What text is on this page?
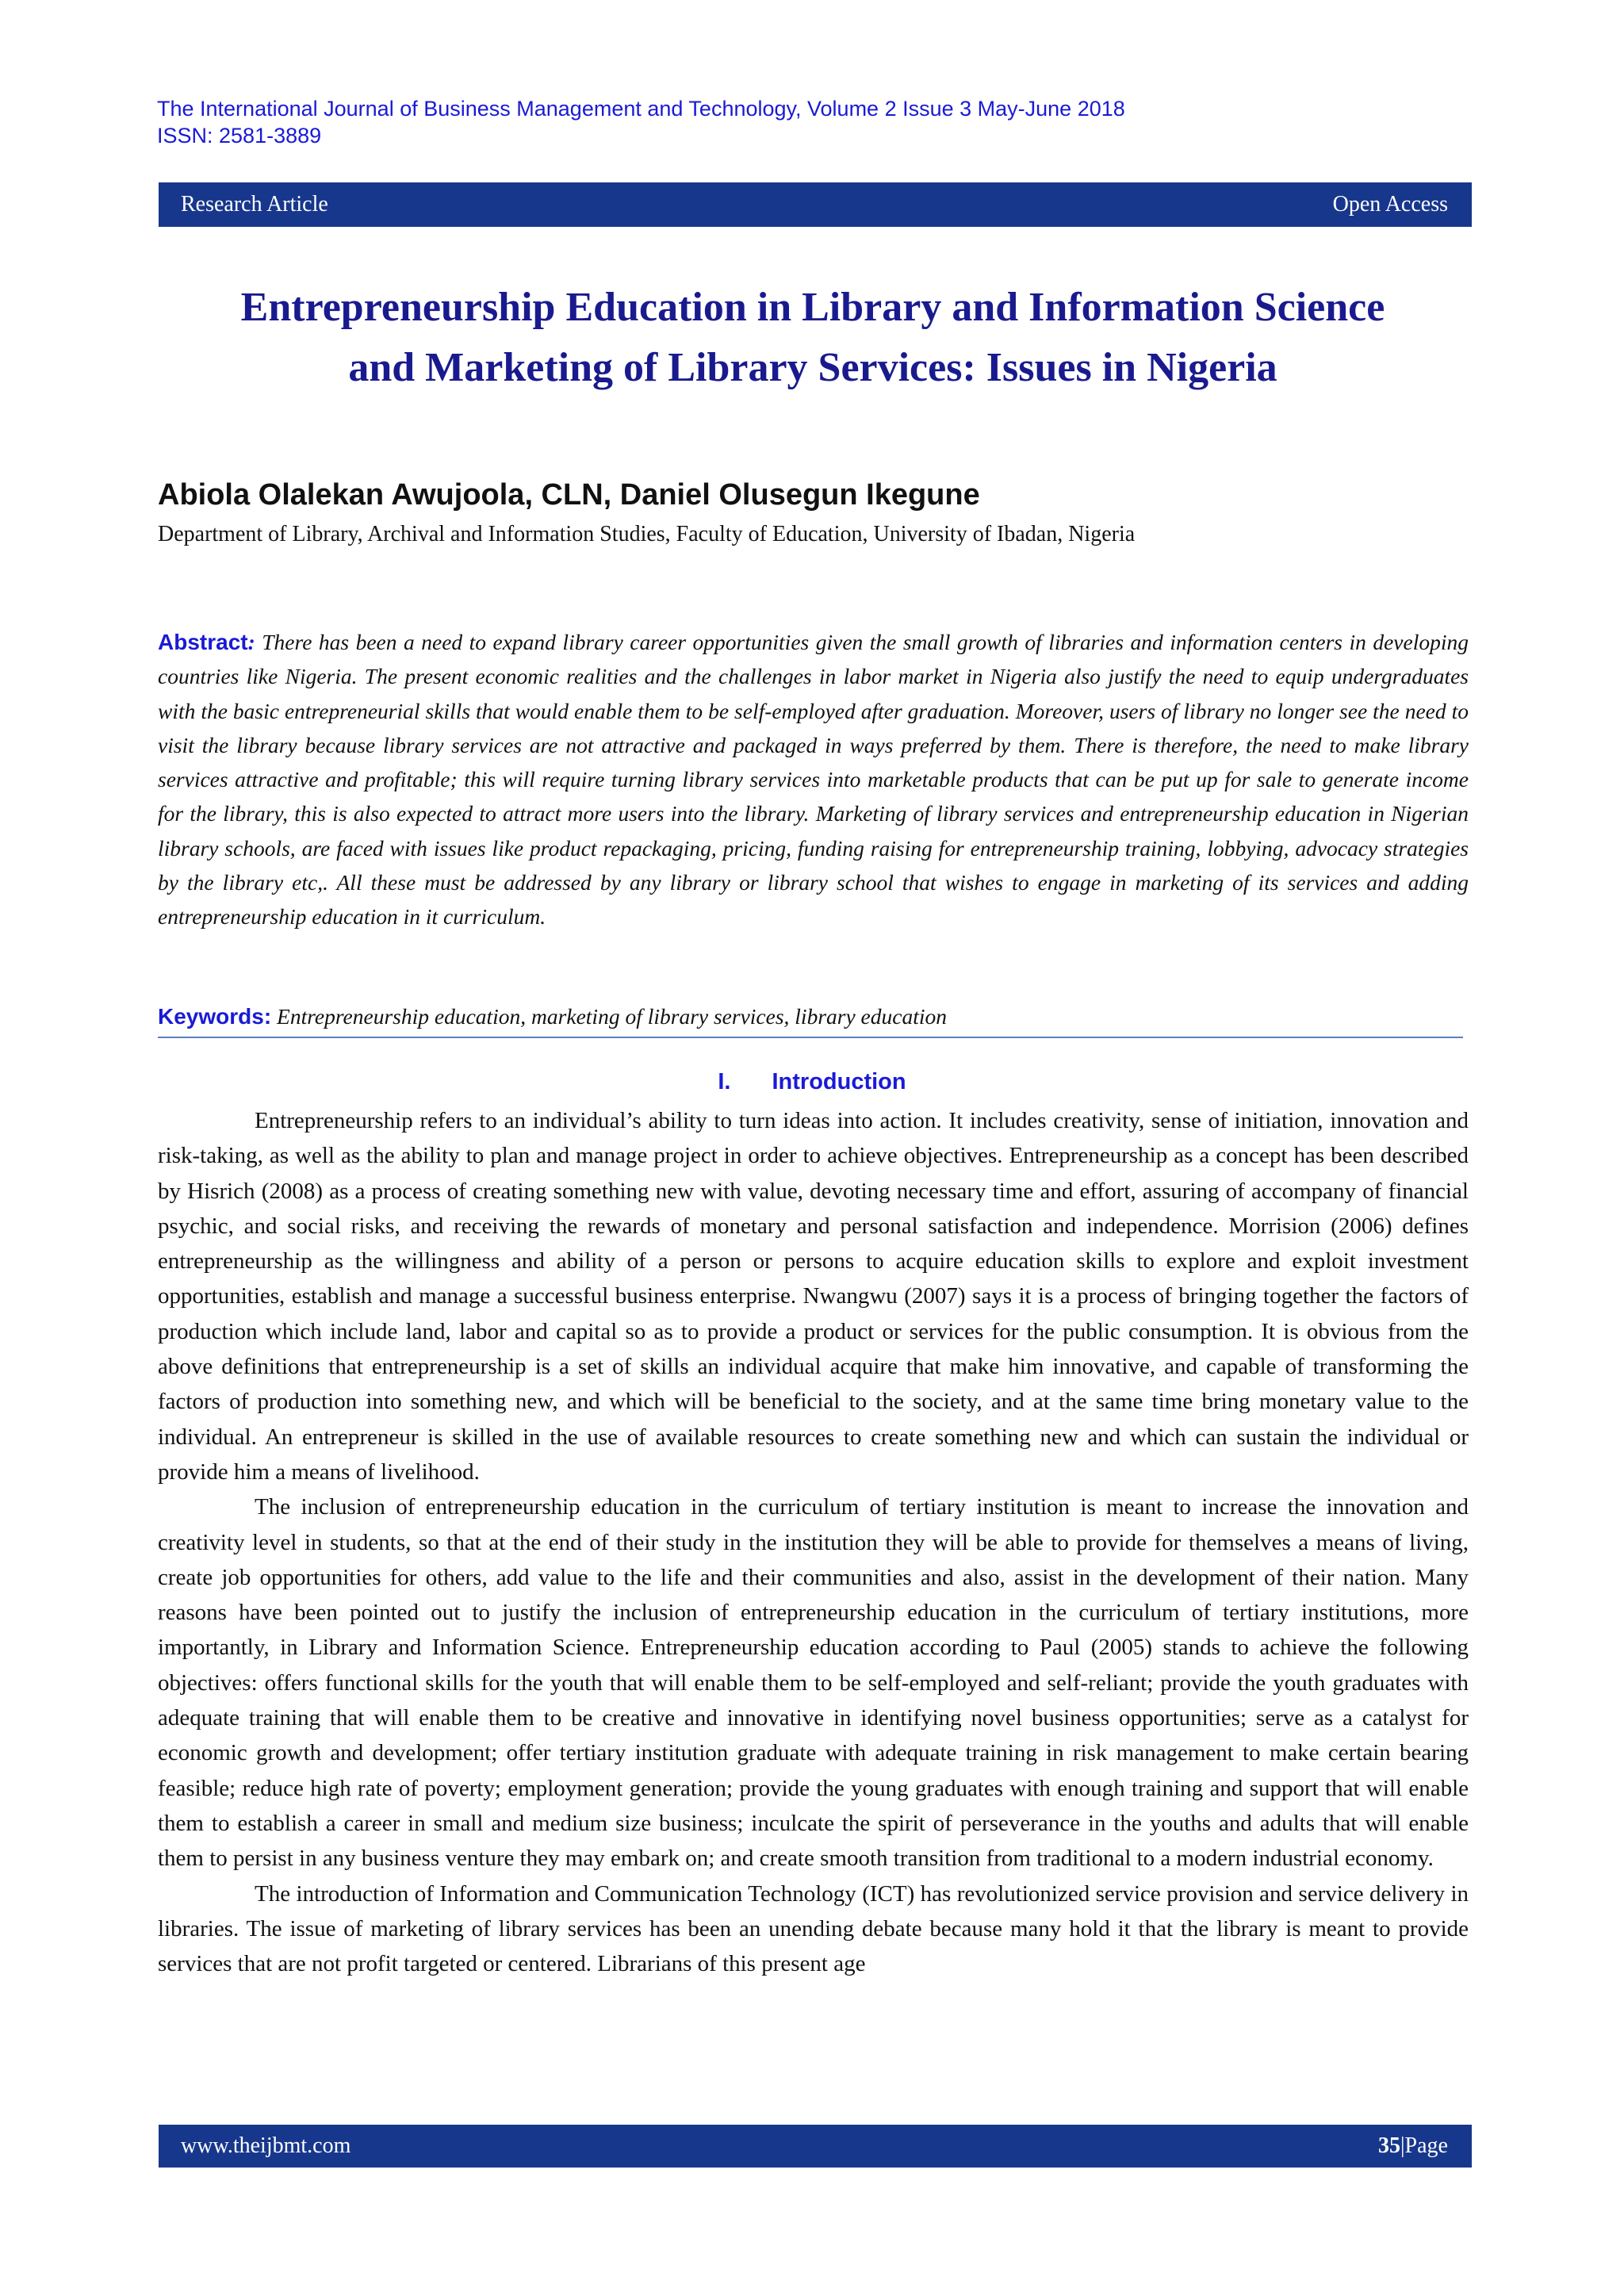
The International Journal of Business Management and Technology, Volume 2 Issue 3 May-June 2018
ISSN: 2581-3889
Research Article	Open Access
Entrepreneurship Education in Library and Information Science
and Marketing of Library Services: Issues in Nigeria
Abiola Olalekan Awujoola, CLN, Daniel Olusegun Ikegune
Department of Library, Archival and Information Studies, Faculty of Education, University of Ibadan, Nigeria
Abstract: There has been a need to expand library career opportunities given the small growth of libraries and information centers in developing countries like Nigeria. The present economic realities and the challenges in labor market in Nigeria also justify the need to equip undergraduates with the basic entrepreneurial skills that would enable them to be self-employed after graduation. Moreover, users of library no longer see the need to visit the library because library services are not attractive and packaged in ways preferred by them. There is therefore, the need to make library services attractive and profitable; this will require turning library services into marketable products that can be put up for sale to generate income for the library, this is also expected to attract more users into the library. Marketing of library services and entrepreneurship education in Nigerian library schools, are faced with issues like product repackaging, pricing, funding raising for entrepreneurship training, lobbying, advocacy strategies by the library etc,. All these must be addressed by any library or library school that wishes to engage in marketing of its services and adding entrepreneurship education in it curriculum.
Keywords: Entrepreneurship education, marketing of library services, library education
I. Introduction

Entrepreneurship refers to an individual’s ability to turn ideas into action. It includes creativity, sense of initiation, innovation and risk-taking, as well as the ability to plan and manage project in order to achieve objectives. Entrepreneurship as a concept has been described by Hisrich (2008) as a process of creating something new with value, devoting necessary time and effort, assuring of accompany of financial psychic, and social risks, and receiving the rewards of monetary and personal satisfaction and independence. Morrision (2006) defines entrepreneurship as the willingness and ability of a person or persons to acquire education skills to explore and exploit investment opportunities, establish and manage a successful business enterprise. Nwangwu (2007) says it is a process of bringing together the factors of production which include land, labor and capital so as to provide a product or services for the public consumption. It is obvious from the above definitions that entrepreneurship is a set of skills an individual acquire that make him innovative, and capable of transforming the factors of production into something new, and which will be beneficial to the society, and at the same time bring monetary value to the individual. An entrepreneur is skilled in the use of available resources to create something new and which can sustain the individual or provide him a means of livelihood.

The inclusion of entrepreneurship education in the curriculum of tertiary institution is meant to increase the innovation and creativity level in students, so that at the end of their study in the institution they will be able to provide for themselves a means of living, create job opportunities for others, add value to the life and their communities and also, assist in the development of their nation. Many reasons have been pointed out to justify the inclusion of entrepreneurship education in the curriculum of tertiary institutions, more importantly, in Library and Information Science. Entrepreneurship education according to Paul (2005) stands to achieve the following objectives: offers functional skills for the youth that will enable them to be self-employed and self-reliant; provide the youth graduates with adequate training that will enable them to be creative and innovative in identifying novel business opportunities; serve as a catalyst for economic growth and development; offer tertiary institution graduate with adequate training in risk management to make certain bearing feasible; reduce high rate of poverty; employment generation; provide the young graduates with enough training and support that will enable them to establish a career in small and medium size business; inculcate the spirit of perseverance in the youths and adults that will enable them to persist in any business venture they may embark on; and create smooth transition from traditional to a modern industrial economy.

The introduction of Information and Communication Technology (ICT) has revolutionized service provision and service delivery in libraries. The issue of marketing of library services has been an unending debate because many hold it that the library is meant to provide services that are not profit targeted or centered. Librarians of this present age

www.theijbmt.com	35|Page
